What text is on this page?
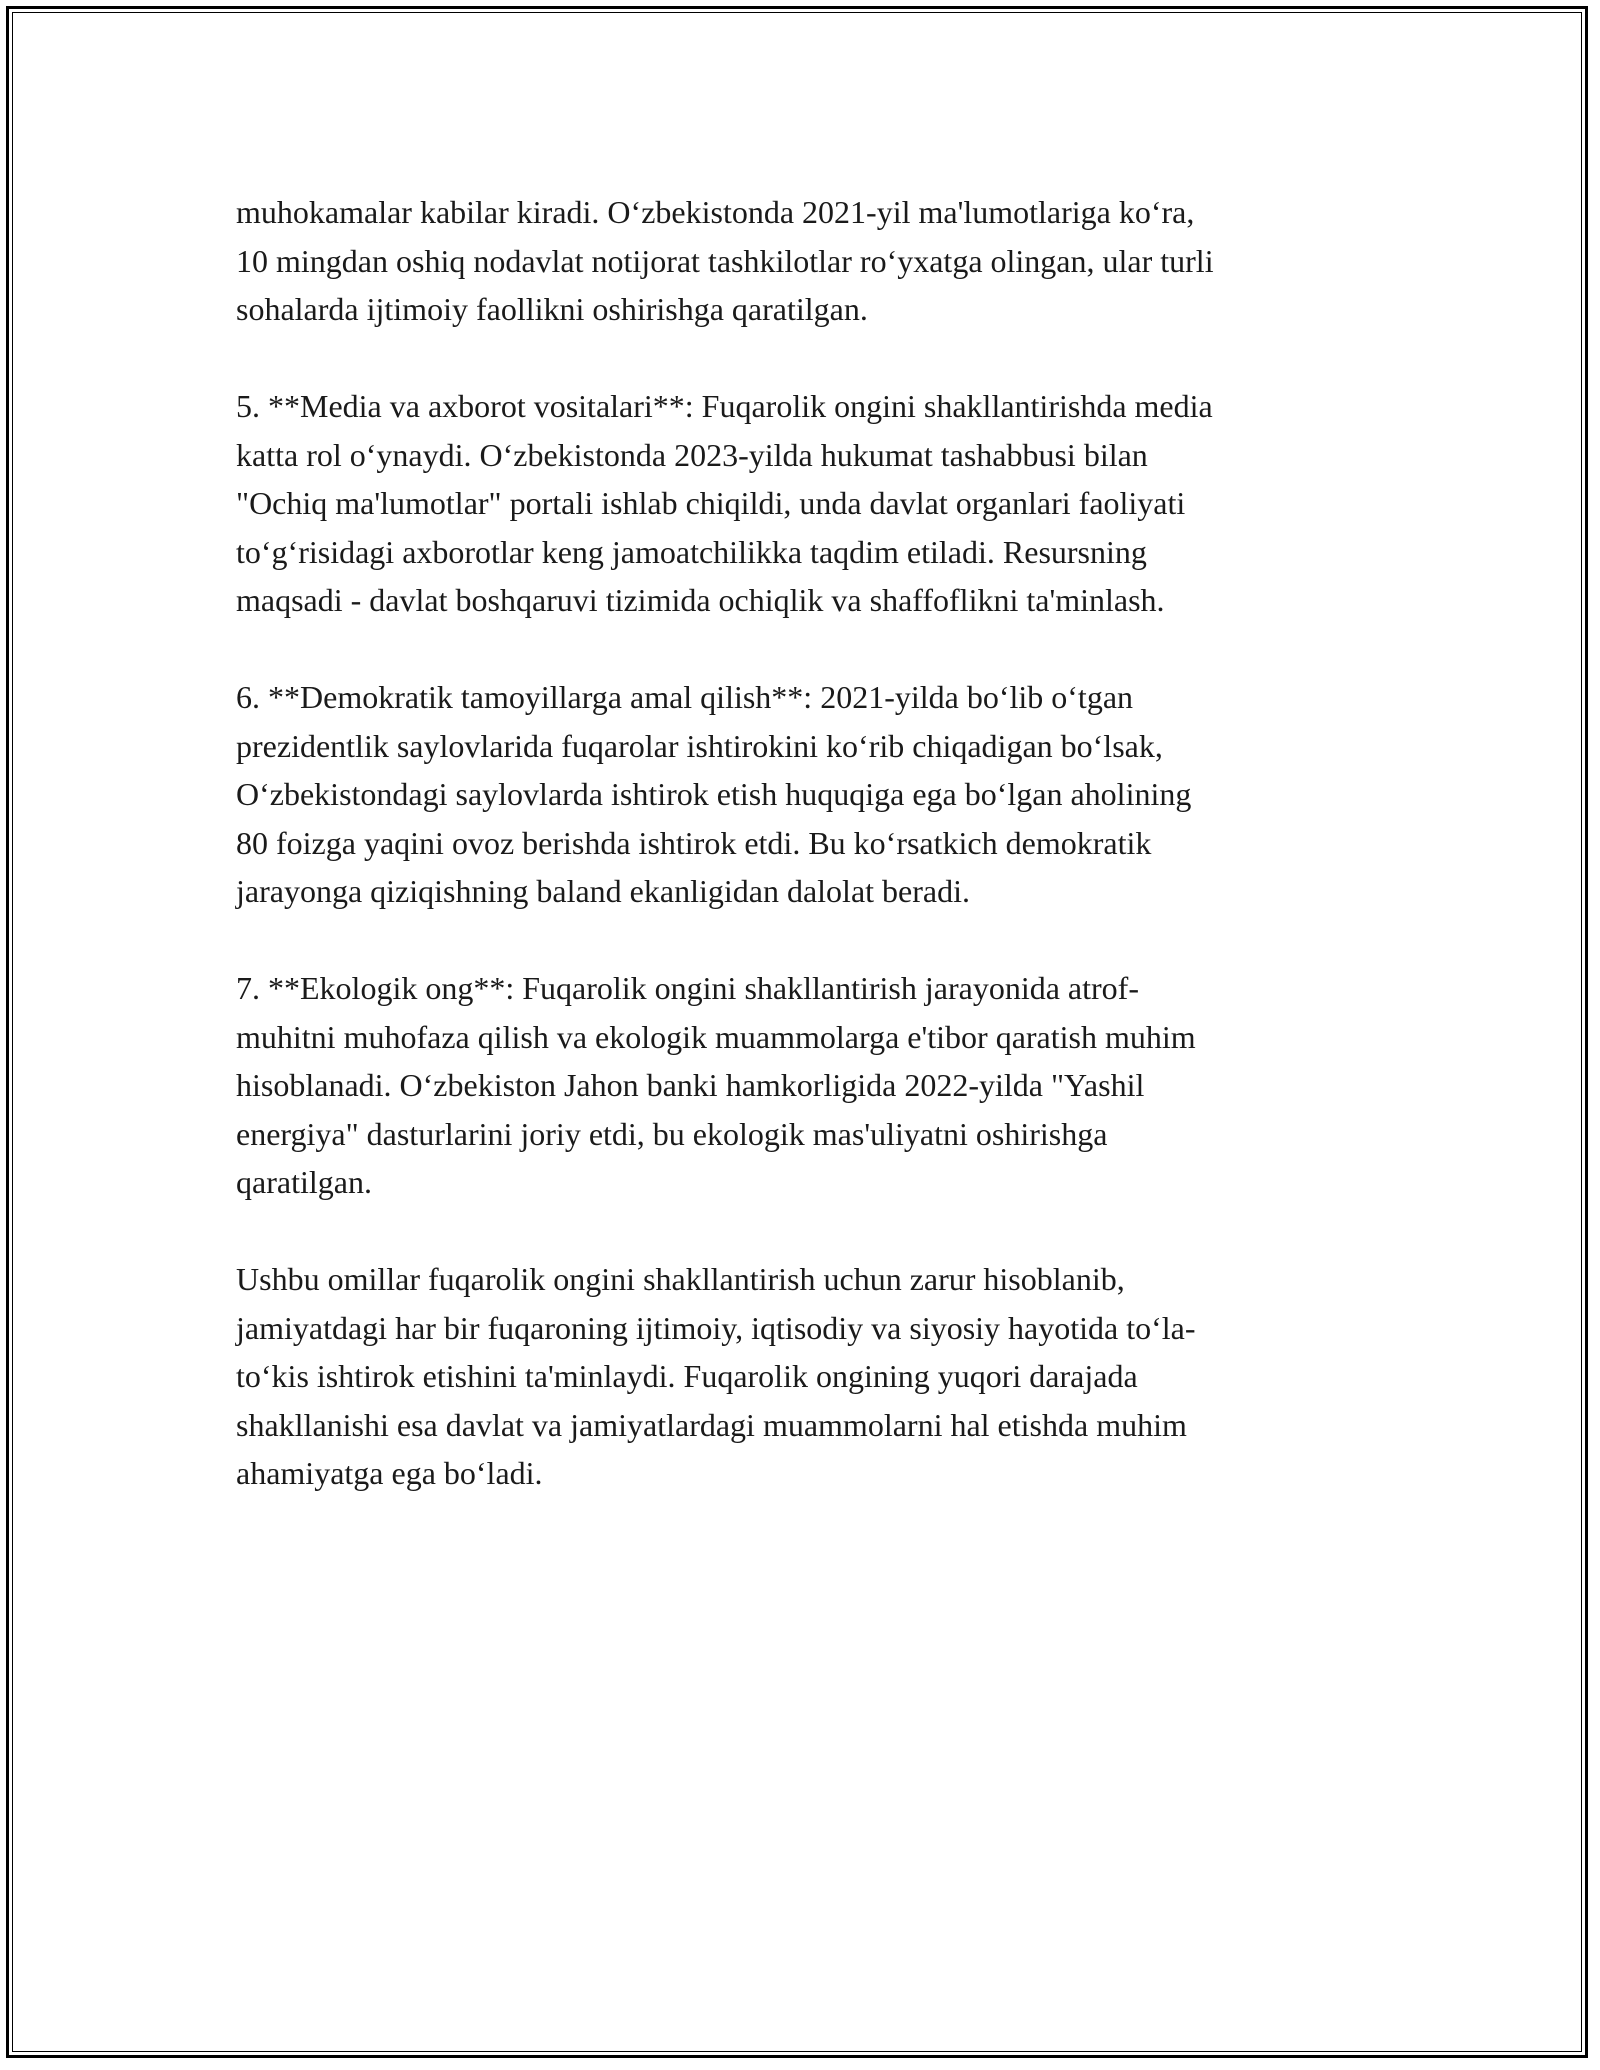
muhokamalar kabilar kiradi. O‘zbekistonda 2021-yil ma'lumotlariga ko‘ra,
10 mingdan oshiq nodavlat notijorat tashkilotlar ro‘yxatga olingan, ular turli
sohalarda ijtimoiy faollikni oshirishga qaratilgan.

5. **Media va axborot vositalari**: Fuqarolik ongini shakllantirishda media
katta rol o‘ynaydi. O‘zbekistonda 2023-yilda hukumat tashabbusi bilan
"Ochiq ma'lumotlar" portali ishlab chiqildi, unda davlat organlari faoliyati
to‘g‘risidagi axborotlar keng jamoatchilikka taqdim etiladi. Resursning
maqsadi - davlat boshqaruvi tizimida ochiqlik va shaffoflikni ta'minlash.

6. **Demokratik tamoyillarga amal qilish**: 2021-yilda bo‘lib o‘tgan
prezidentlik saylovlarida fuqarolar ishtirokini ko‘rib chiqadigan bo‘lsak,
O‘zbekistondagi saylovlarda ishtirok etish huquqiga ega bo‘lgan aholining
80 foizga yaqini ovoz berishda ishtirok etdi. Bu ko‘rsatkich demokratik
jarayonga qiziqishning baland ekanligidan dalolat beradi.

7. **Ekologik ong**: Fuqarolik ongini shakllantirish jarayonida atrof-
muhitni muhofaza qilish va ekologik muammolarga e'tibor qaratish muhim
hisoblanadi. O‘zbekiston Jahon banki hamkorligida 2022-yilda "Yashil
energiya" dasturlarini joriy etdi, bu ekologik mas'uliyatni oshirishga
qaratilgan.

Ushbu omillar fuqarolik ongini shakllantirish uchun zarur hisoblanib,
jamiyatdagi har bir fuqaroning ijtimoiy, iqtisodiy va siyosiy hayotida to‘la-
to‘kis ishtirok etishini ta'minlaydi. Fuqarolik ongining yuqori darajada
shakllanishi esa davlat va jamiyatlardagi muammolarni hal etishda muhim
ahamiyatga ega bo‘ladi.
